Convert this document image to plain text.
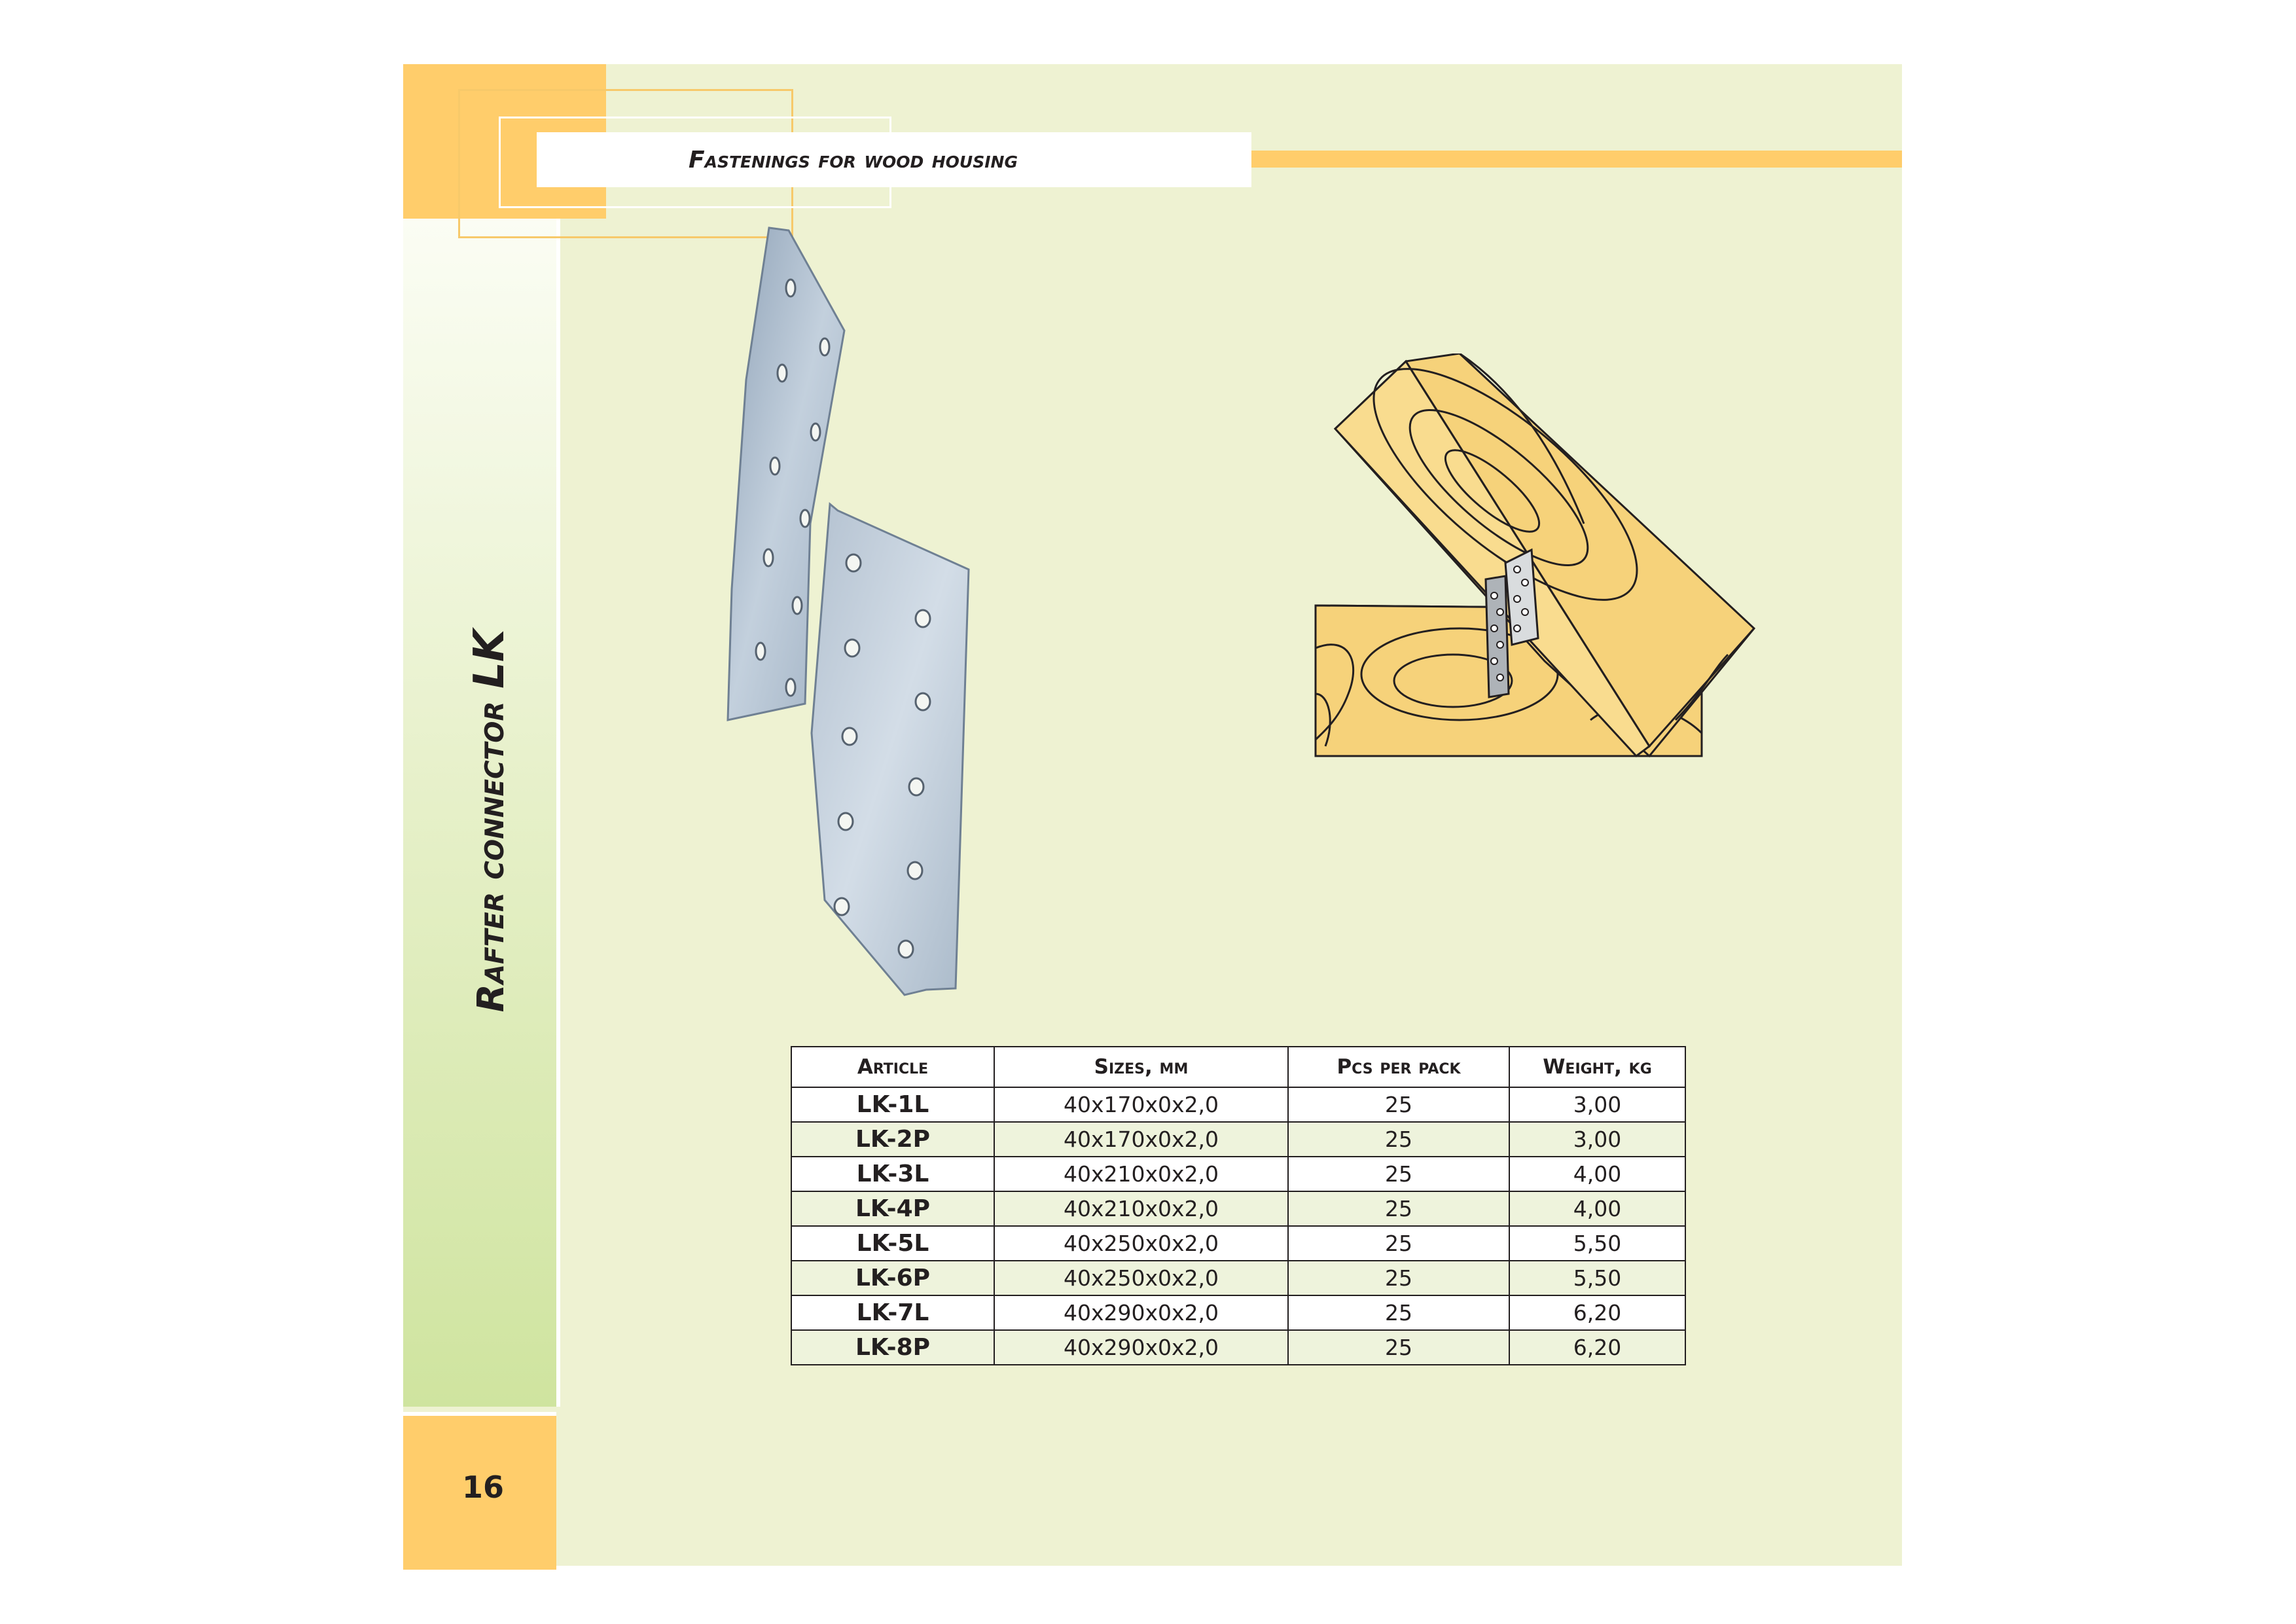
Fastenings for wood housing
Rafter connector LK
16
Article	Sizes, mm	Pcs per pack	Weight, kg
LK-1L	40x170x0x2,0	25	3,00
LK-2P	40x170x0x2,0	25	3,00
LK-3L	40x210x0x2,0	25	4,00
LK-4P	40x210x0x2,0	25	4,00
LK-5L	40x250x0x2,0	25	5,50
LK-6P	40x250x0x2,0	25	5,50
LK-7L	40x290x0x2,0	25	6,20
LK-8P	40x290x0x2,0	25	6,20
